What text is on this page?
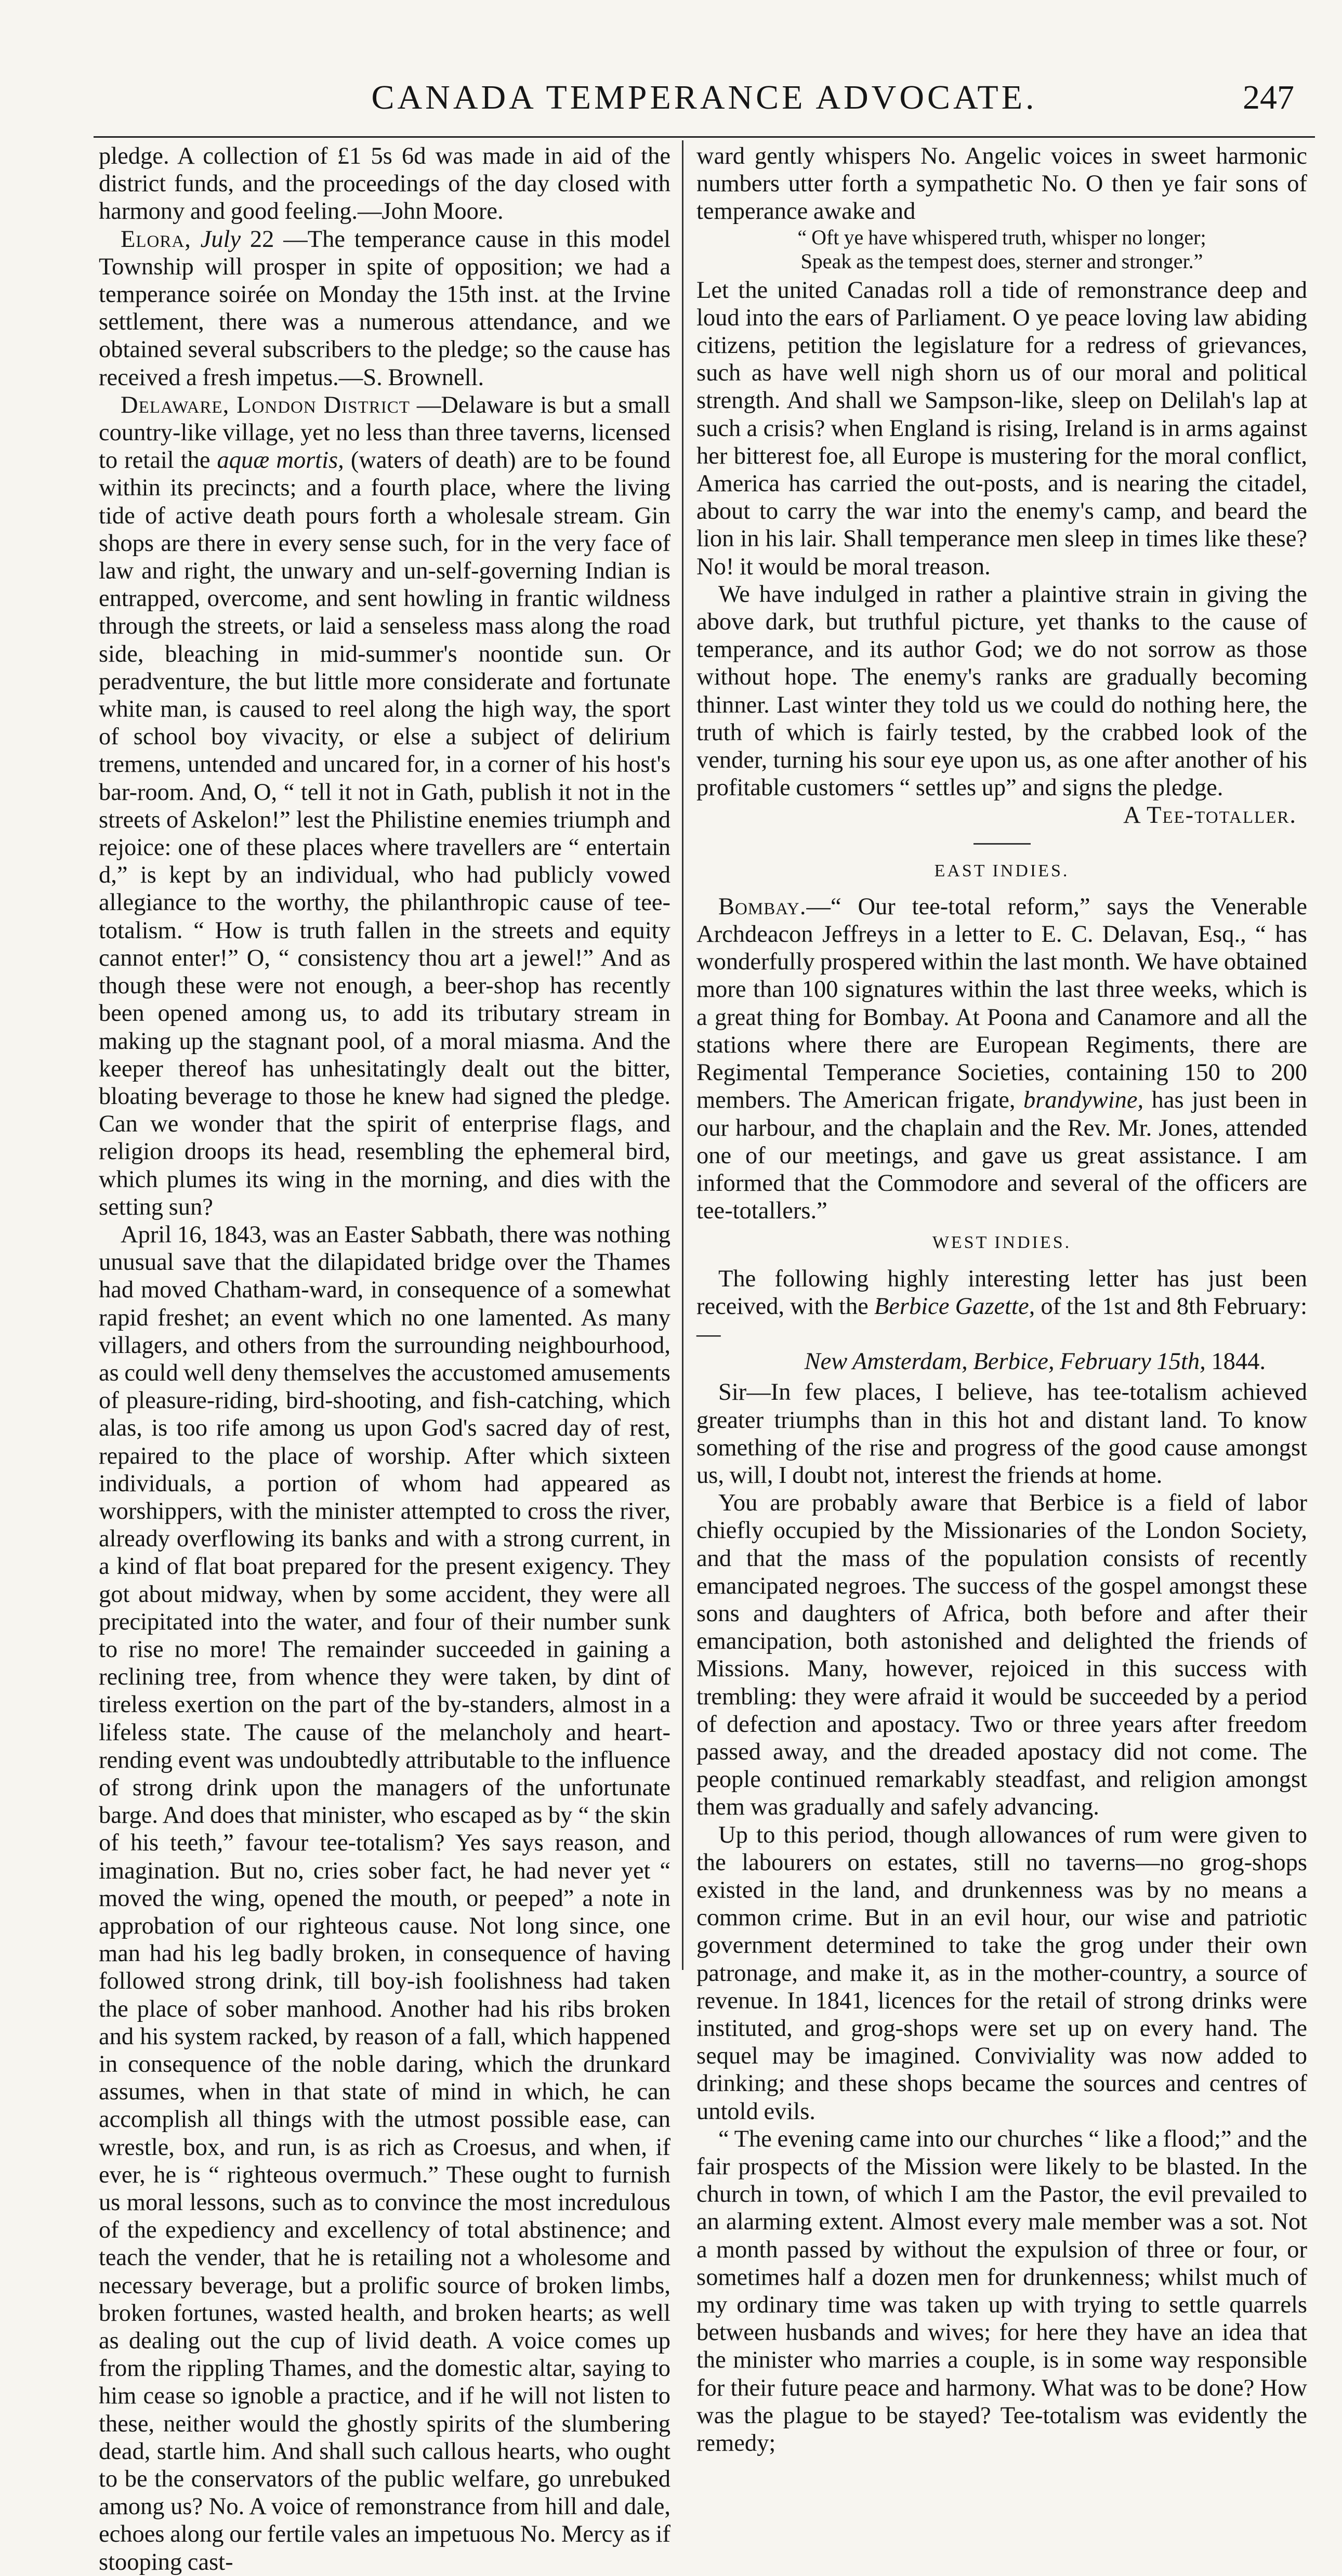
CANADA TEMPERANCE ADVOCATE.	247

pledge. A collection of £1 5s 6d was made in aid of the district funds, and the proceedings of the day closed with harmony and good feeling.—John Moore.

Elora, July 22 —The temperance cause in this model Township will prosper in spite of opposition; we had a temperance soirée on Monday the 15th inst. at the Irvine settlement, there was a numerous attendance, and we obtained several subscribers to the pledge; so the cause has received a fresh impetus.—S. Brownell.

Delaware, London District —Delaware is but a small country-like village, yet no less than three taverns, licensed to retail the aquæ mortis, (waters of death) are to be found within its precincts; and a fourth place, where the living tide of active death pours forth a wholesale stream. Gin shops are there in every sense such, for in the very face of law and right, the unwary and un-self-governing Indian is entrapped, overcome, and sent howling in frantic wildness through the streets, or laid a senseless mass along the road side, bleaching in mid-summer's noontide sun. Or peradventure, the but little more considerate and fortunate white man, is caused to reel along the high way, the sport of school boy vivacity, or else a subject of delirium tremens, untended and uncared for, in a corner of his host's bar-room. And, O, “ tell it not in Gath, publish it not in the streets of Askelon!” lest the Philistine enemies triumph and rejoice: one of these places where travellers are “ entertain d,” is kept by an individual, who had publicly vowed allegiance to the worthy, the philanthropic cause of tee-totalism. “ How is truth fallen in the streets and equity cannot enter!” O, “ consistency thou art a jewel!” And as though these were not enough, a beer-shop has recently been opened among us, to add its tributary stream in making up the stagnant pool, of a moral miasma. And the keeper thereof has unhesitatingly dealt out the bitter, bloating beverage to those he knew had signed the pledge. Can we wonder that the spirit of enterprise flags, and religion droops its head, resembling the ephemeral bird, which plumes its wing in the morning, and dies with the setting sun?

April 16, 1843, was an Easter Sabbath, there was nothing unusual save that the dilapidated bridge over the Thames had moved Chatham-ward, in consequence of a somewhat rapid freshet; an event which no one lamented. As many villagers, and others from the surrounding neighbourhood, as could well deny themselves the accustomed amusements of pleasure-riding, bird-shooting, and fish-catching, which alas, is too rife among us upon God's sacred day of rest, repaired to the place of worship. After which sixteen individuals, a portion of whom had appeared as worshippers, with the minister attempted to cross the river, already overflowing its banks and with a strong current, in a kind of flat boat prepared for the present exigency. They got about midway, when by some accident, they were all precipitated into the water, and four of their number sunk to rise no more! The remainder succeeded in gaining a reclining tree, from whence they were taken, by dint of tireless exertion on the part of the by-standers, almost in a lifeless state. The cause of the melancholy and heart-rending event was undoubtedly attributable to the influence of strong drink upon the managers of the unfortunate barge. And does that minister, who escaped as by “ the skin of his teeth,” favour tee-totalism? Yes says reason, and imagination. But no, cries sober fact, he had never yet “ moved the wing, opened the mouth, or peeped” a note in approbation of our righteous cause. Not long since, one man had his leg badly broken, in consequence of having followed strong drink, till boy-ish foolishness had taken the place of sober manhood. Another had his ribs broken and his system racked, by reason of a fall, which happened in consequence of the noble daring, which the drunkard assumes, when in that state of mind in which, he can accomplish all things with the utmost possible ease, can wrestle, box, and run, is as rich as Croesus, and when, if ever, he is “ righteous overmuch.” These ought to furnish us moral lessons, such as to convince the most incredulous of the expediency and excellency of total abstinence; and teach the vender, that he is retailing not a wholesome and necessary beverage, but a prolific source of broken limbs, broken fortunes, wasted health, and broken hearts; as well as dealing out the cup of livid death. A voice comes up from the rippling Thames, and the domestic altar, saying to him cease so ignoble a practice, and if he will not listen to these, neither would the ghostly spirits of the slumbering dead, startle him. And shall such callous hearts, who ought to be the conservators of the public welfare, go unrebuked among us? No. A voice of remonstrance from hill and dale, echoes along our fertile vales an impetuous No. Mercy as if stooping cast-

ward gently whispers No. Angelic voices in sweet harmonic numbers utter forth a sympathetic No. O then ye fair sons of temperance awake and

“ Oft ye have whispered truth, whisper no longer;
Speak as the tempest does, sterner and stronger.”

Let the united Canadas roll a tide of remonstrance deep and loud into the ears of Parliament. O ye peace loving law abiding citizens, petition the legislature for a redress of grievances, such as have well nigh shorn us of our moral and political strength. And shall we Sampson-like, sleep on Delilah's lap at such a crisis? when England is rising, Ireland is in arms against her bitterest foe, all Europe is mustering for the moral conflict, America has carried the out-posts, and is nearing the citadel, about to carry the war into the enemy's camp, and beard the lion in his lair. Shall temperance men sleep in times like these? No! it would be moral treason.

We have indulged in rather a plaintive strain in giving the above dark, but truthful picture, yet thanks to the cause of temperance, and its author God; we do not sorrow as those without hope. The enemy's ranks are gradually becoming thinner. Last winter they told us we could do nothing here, the truth of which is fairly tested, by the crabbed look of the vender, turning his sour eye upon us, as one after another of his profitable customers “ settles up” and signs the pledge.

A Tee-totaller.

EAST INDIES.

Bombay.—“ Our tee-total reform,” says the Venerable Archdeacon Jeffreys in a letter to E. C. Delavan, Esq., “ has wonderfully prospered within the last month. We have obtained more than 100 signatures within the last three weeks, which is a great thing for Bombay. At Poona and Canamore and all the stations where there are European Regiments, there are Regimental Temperance Societies, containing 150 to 200 members. The American frigate, brandywine, has just been in our harbour, and the chaplain and the Rev. Mr. Jones, attended one of our meetings, and gave us great assistance. I am informed that the Commodore and several of the officers are tee-totallers.”

WEST INDIES.

The following highly interesting letter has just been received, with the Berbice Gazette, of the 1st and 8th February:—

New Amsterdam, Berbice, February 15th, 1844.

Sir—In few places, I believe, has tee-totalism achieved greater triumphs than in this hot and distant land. To know something of the rise and progress of the good cause amongst us, will, I doubt not, interest the friends at home.

You are probably aware that Berbice is a field of labor chiefly occupied by the Missionaries of the London Society, and that the mass of the population consists of recently emancipated negroes. The success of the gospel amongst these sons and daughters of Africa, both before and after their emancipation, both astonished and delighted the friends of Missions. Many, however, rejoiced in this success with trembling: they were afraid it would be succeeded by a period of defection and apostacy. Two or three years after freedom passed away, and the dreaded apostacy did not come. The people continued remarkably steadfast, and religion amongst them was gradually and safely advancing.

Up to this period, though allowances of rum were given to the labourers on estates, still no taverns—no grog-shops existed in the land, and drunkenness was by no means a common crime. But in an evil hour, our wise and patriotic government determined to take the grog under their own patronage, and make it, as in the mother-country, a source of revenue. In 1841, licences for the retail of strong drinks were instituted, and grog-shops were set up on every hand. The sequel may be imagined. Conviviality was now added to drinking; and these shops became the sources and centres of untold evils.

“ The evening came into our churches “ like a flood;” and the fair prospects of the Mission were likely to be blasted. In the church in town, of which I am the Pastor, the evil prevailed to an alarming extent. Almost every male member was a sot. Not a month passed by without the expulsion of three or four, or sometimes half a dozen men for drunkenness; whilst much of my ordinary time was taken up with trying to settle quarrels between husbands and wives; for here they have an idea that the minister who marries a couple, is in some way responsible for their future peace and harmony. What was to be done? How was the plague to be stayed? Tee-totalism was evidently the remedy;
